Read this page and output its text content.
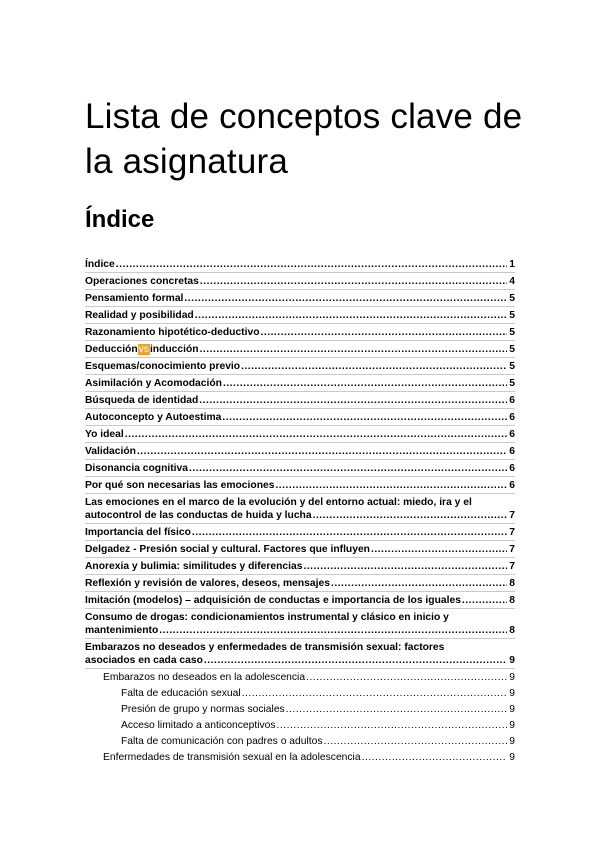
Lista de conceptos clave de la asignatura
Índice
Índice .....	1
Operaciones concretas .....	4
Pensamiento formal .....	5
Realidad y posibilidad .....	5
Razonamiento hipotético-deductivo .....	5
Deducciónvsinducción .....	5
Esquemas/conocimiento previo .....	5
Asimilación y Acomodación .....	5
Búsqueda de identidad .....	6
Autoconcepto y Autoestima .....	6
Yo ideal .....	6
Validación .....	6
Disonancia cognitiva .....	6
Por qué son necesarias las emociones .....	6
Las emociones en el marco de la evolución y del entorno actual: miedo, ira y el
autocontrol de las conductas de huida y lucha .....	7
Importancia del físico .....	7
Delgadez - Presión social y cultural. Factores que influyen .....	7
Anorexia y bulimia: similitudes y diferencias .....	7
Reflexión y revisión de valores, deseos, mensajes .....	8
Imitación (modelos) – adquisición de conductas e importancia de los iguales .....	8
Consumo de drogas: condicionamientos instrumental y clásico en inicio y
mantenimiento .....	8
Embarazos no deseados y enfermedades de transmisión sexual: factores
asociados en cada caso .....	9
Embarazos no deseados en la adolescencia .....	9
Falta de educación sexual .....	9
Presión de grupo y normas sociales .....	9
Acceso limitado a anticonceptivos .....	9
Falta de comunicación con padres o adultos .....	9
Enfermedades de transmisión sexual en la adolescencia .....	9
